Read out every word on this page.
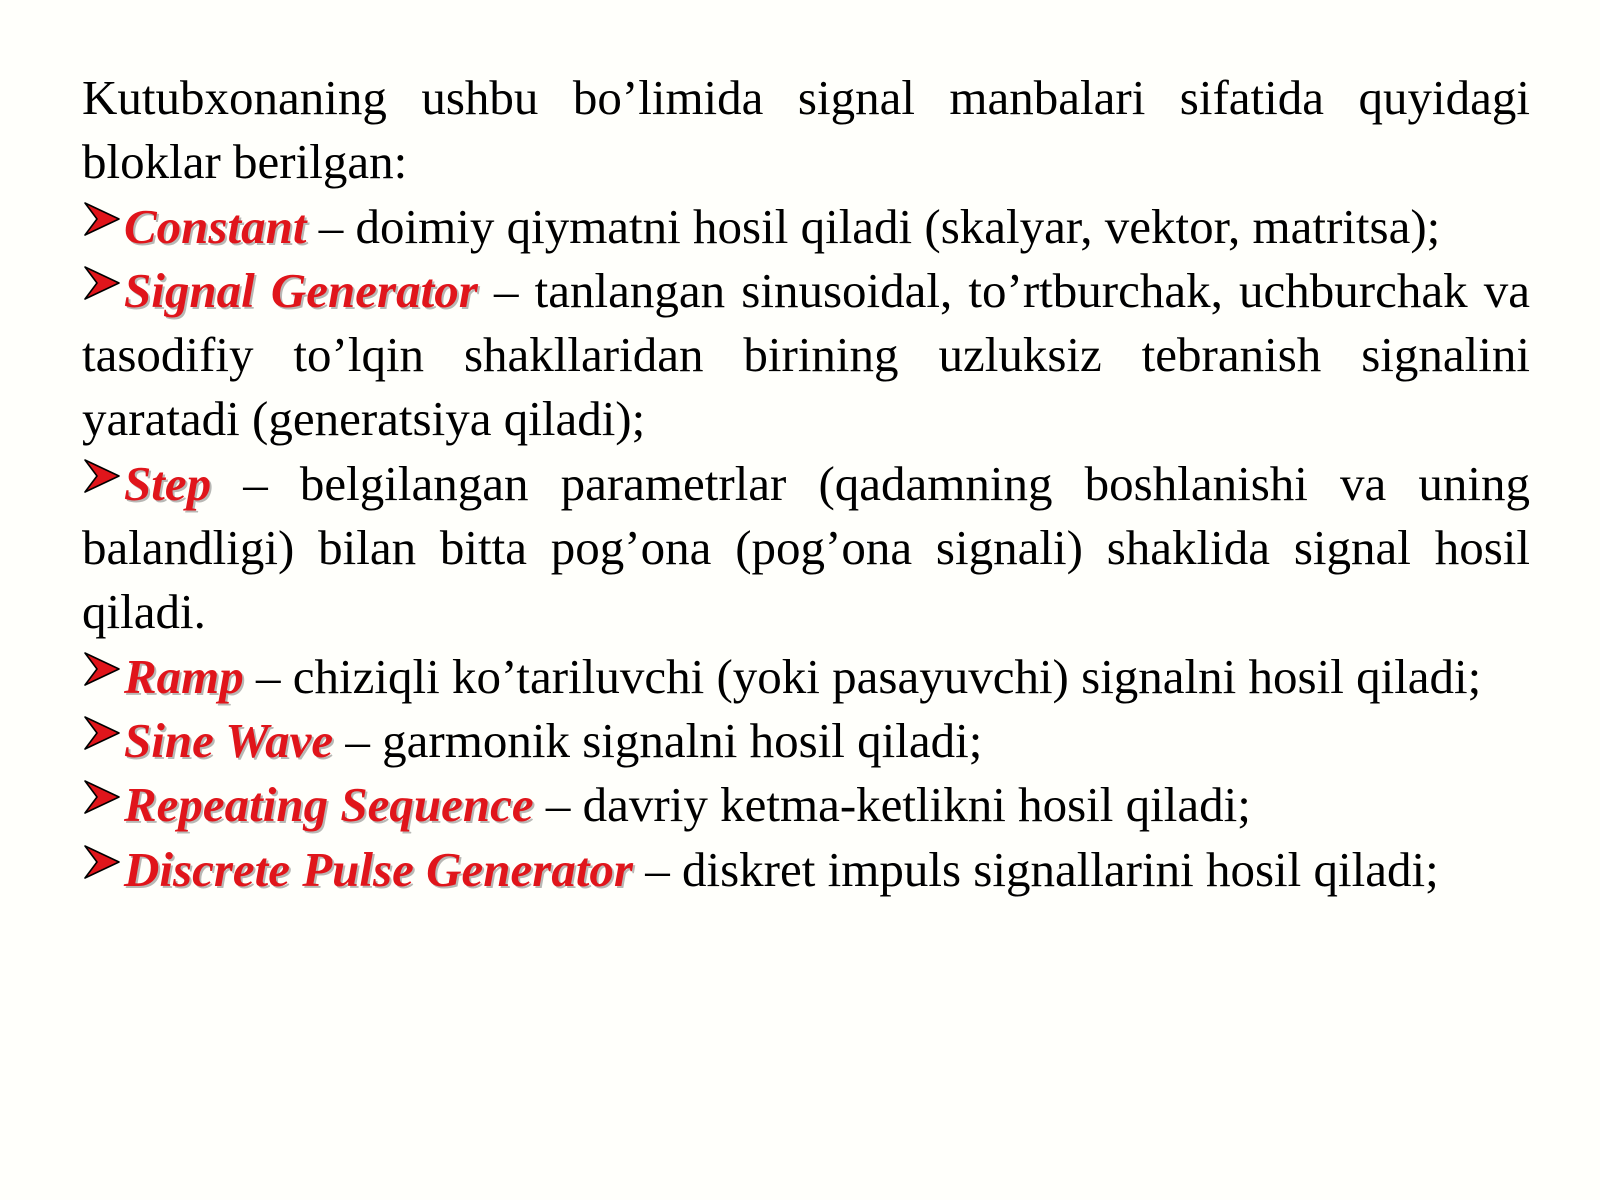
Kutubxonaning ushbu bo’limida signal manbalari sifatida quyidagi bloklar berilgan:

Constant – doimiy qiymatni hosil qiladi (skalyar, vektor, matritsa);

Signal Generator – tanlangan sinusoidal, to’rtburchak, uchburchak va tasodifiy to’lqin shakllaridan birining uzluksiz tebranish signalini yaratadi (generatsiya qiladi);

Step – belgilangan parametrlar (qadamning boshlanishi va uning balandligi) bilan bitta pog’ona (pog’ona signali) shaklida signal hosil qiladi.

Ramp – chiziqli ko’tariluvchi (yoki pasayuvchi) signalni hosil qiladi;

Sine Wave – garmonik signalni hosil qiladi;

Repeating Sequence – davriy ketma-ketlikni hosil qiladi;

Discrete Pulse Generator – diskret impuls signallarini hosil qiladi;
